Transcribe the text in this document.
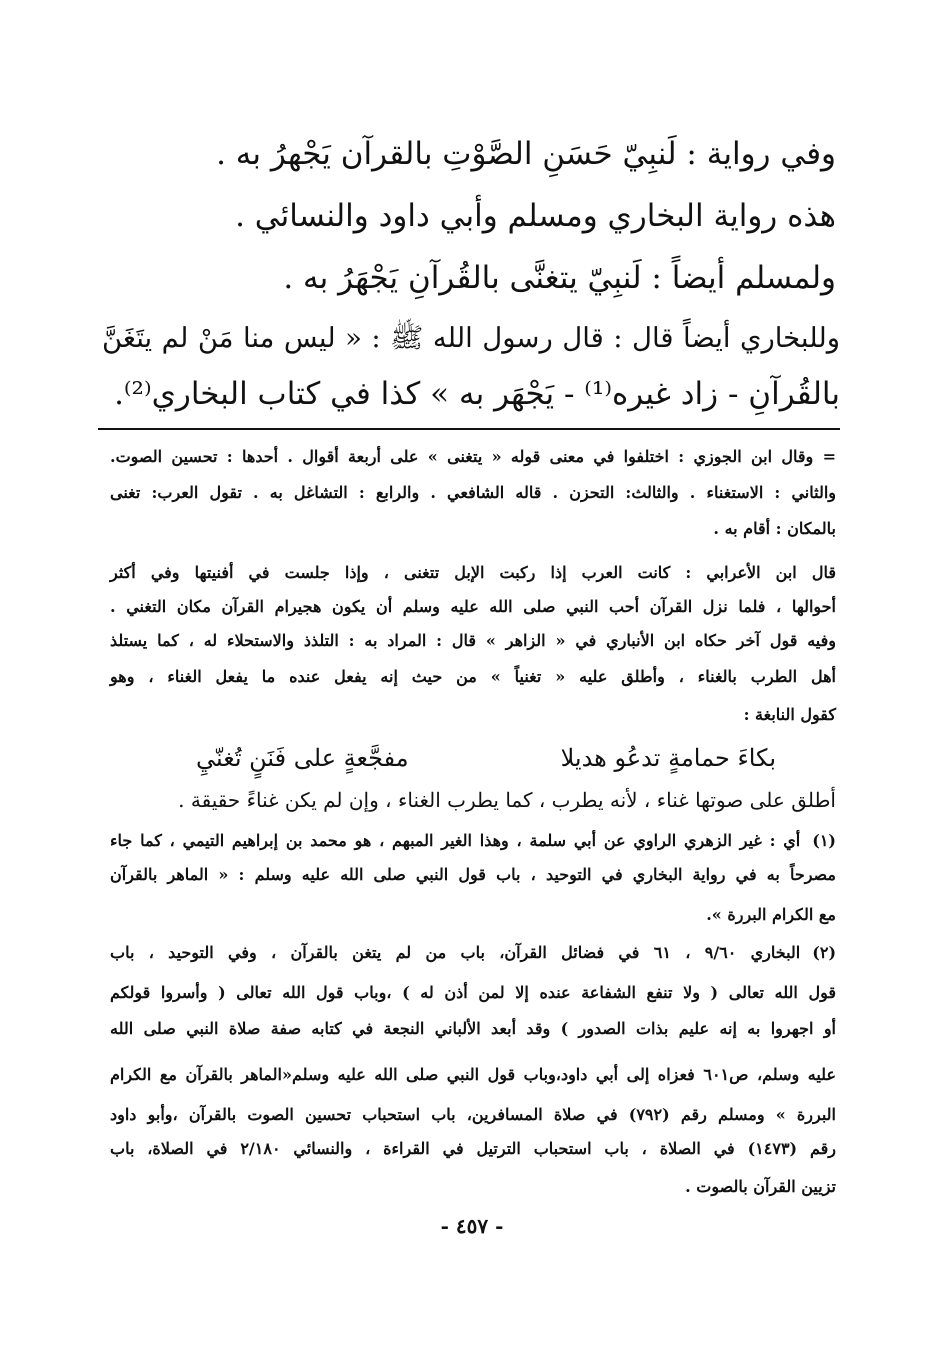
وفي رواية : لَنبِيّ حَسَنِ الصَّوْتِ بالقرآن يَجْهرُ به .
هذه رواية البخاري ومسلم وأبي داود والنسائي .
ولمسلم أيضاً : لَنبِيّ يتغنَّى بالقُرآنِ يَجْهَرُ به .
وللبخاري أيضاً قال : قال رسول الله ﷺ : « ليس منا مَنْ لم يتَغَنَّ
بالقُرآنِ - زاد غيره⁽¹⁾ - يَجْهَر به » كذا في كتاب البخاري⁽²⁾.
= وقال ابن الجوزي : اختلفوا في معنى قوله « يتغنى » على أربعة أقوال . أحدها : تحسين الصوت.
والثاني : الاستغناء . والثالث: التحزن . قاله الشافعي . والرابع : التشاغل به . تقول العرب: تغنى
بالمكان : أقام به .
قال ابن الأعرابي : كانت العرب إذا ركبت الإبل تتغنى ، وإذا جلست في أفنيتها وفي أكثر
أحوالها ، فلما نزل القرآن أحب النبي صلى الله عليه وسلم أن يكون هجيرام القرآن مكان التغني .
وفيه قول آخر حكاه ابن الأنباري في « الزاهر » قال : المراد به : التلذذ والاستحلاء له ، كما يستلذ
أهل الطرب بالغناء ، وأطلق عليه « تغنياً » من حيث إنه يفعل عنده ما يفعل الغناء ، وهو
كقول النابغة :
بكاءَ حمامةٍ تدعُو هديلا
مفجَّعةٍ على فَنَنٍ تُغنّيِ
أطلق على صوتها غناء ، لأنه يطرب ، كما يطرب الغناء ، وإن لم يكن غناءً حقيقة .
(١)أي : غير الزهري الراوي عن أبي سلمة ، وهذا الغير المبهم ، هو محمد بن إبراهيم التيمي ، كما جاء
مصرحاً به في رواية البخاري في التوحيد ، باب قول النبي صلى الله عليه وسلم : « الماهر بالقرآن
مع الكرام البررة ».
(٢)البخاري ٩/٦٠ ، ٦١ في فضائل القرآن، باب من لم يتغن بالقرآن ، وفي التوحيد ، باب
قول الله تعالى ( ولا تنفع الشفاعة عنده إلا لمن أذن له ) ،وباب قول الله تعالى ( وأسروا قولكم
أو اجهروا به إنه عليم بذات الصدور ) وقد أبعد الألباني النجعة في كتابه صفة صلاة النبي صلى الله
عليه وسلم، ص٦٠١ فعزاه إلى أبي داود،وباب قول النبي صلى الله عليه وسلم«الماهر بالقرآن مع الكرام
البررة » ومسلم رقم (٧٩٢) في صلاة المسافرين، باب استحباب تحسين الصوت بالقرآن ،وأبو داود
رقم (١٤٧٣) في الصلاة ، باب استحباب الترتيل في القراءة ، والنسائي ٢/١٨٠ في الصلاة، باب
تزيين القرآن بالصوت .
- ٤٥٧ -
